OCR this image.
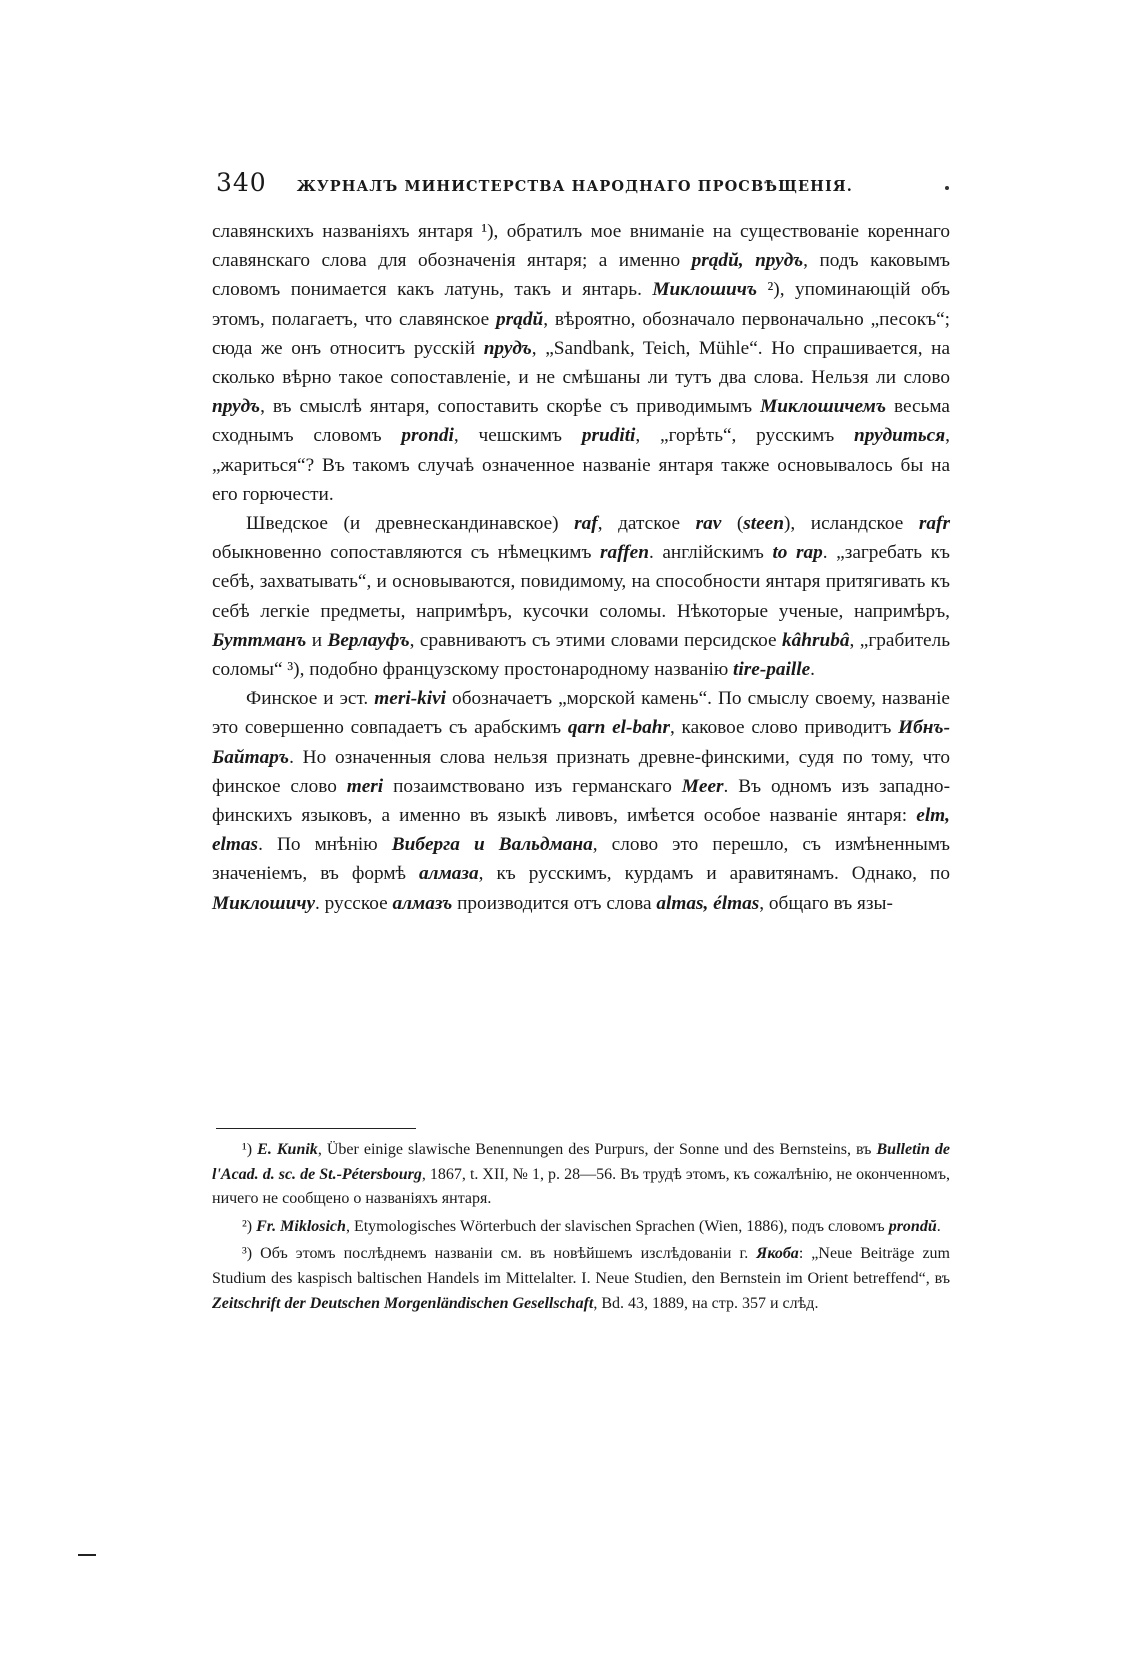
340 ЖУРНАЛЪ МИНИСТЕРСТВА НАРОДНАГО ПРОСВѢЩЕНІЯ.

славянскихъ названіяхъ янтаря ¹), обратилъ мое вниманіе на существованіе кореннаго славянскаго слова для обозначенія янтаря; а именно prądŭ, прудъ, подъ каковымъ словомъ понимается какъ латунь, такъ и янтарь. Миклошичъ ²), упоминающій объ этомъ, полагаетъ, что славянское prądŭ, вѣроятно, обозначало первоначально „песокъ“; сюда же онъ относитъ русскій прудъ, „Sandbank, Teich, Mühle“. Но спрашивается, на сколько вѣрно такое сопоставленіе, и не смѣшаны ли тутъ два слова. Нельзя ли слово прудъ, въ смыслѣ янтаря, сопоставить скорѣе съ приводимымъ Миклошичемъ весьма сходнымъ словомъ prondi, чешскимъ pruditi, „горѣть“, русскимъ прудиться, „жариться“? Въ такомъ случаѣ означенное названіе янтаря также основывалось бы на его горючести.

Шведское (и древнескандинавское) raf, датское rav (steen), исландское rafr обыкновенно сопоставляются съ нѣмецкимъ raffen. англійскимъ to rap. „загребать къ себѣ, захватывать“, и основываются, повидимому, на способности янтаря притягивать къ себѣ легкіе предметы, напримѣръ, кусочки соломы. Нѣкоторые ученые, напримѣръ, Буттманъ и Верлауфъ, сравниваютъ съ этими словами персидское kâhrubâ, „грабитель соломы“ ³), подобно французскому простонародному названію tire-paille.

Финское и эст. meri-kivi обозначаетъ „морской камень“. По смыслу своему, названіе это совершенно совпадаетъ съ арабскимъ qarn el-bahr, каковое слово приводитъ Ибнъ-Байтаръ. Но означенныя слова нельзя признать древне-финскими, судя по тому, что финское слово meri позаимствовано изъ германскаго Meer. Въ одномъ изъ западно-финскихъ языковъ, а именно въ языкѣ ливовъ, имѣется особое названіе янтаря: elm, elmas. По мнѣнію Виберга и Вальдмана, слово это перешло, съ измѣненнымъ значеніемъ, въ формѣ алмаза, къ русскимъ, курдамъ и аравитянамъ. Однако, по Миклошичу. русское алмазъ производится отъ слова almas, élmas, общаго въ язы-

¹) E. Kunik, Über einige slawische Benennungen des Purpurs, der Sonne und des Bernsteins, въ Bulletin de l'Acad. d. sc. de St.-Pétersbourg, 1867, t. XII, № 1, p. 28—56. Въ трудѣ этомъ, къ сожалѣнію, не оконченномъ, ничего не сообщено о названіяхъ янтаря.

²) Fr. Miklosich, Etymologisches Wörterbuch der slavischen Sprachen (Wien, 1886), подъ словомъ prondŭ.

³) Объ этомъ послѣднемъ названіи см. въ новѣйшемъ изслѣдованіи г. Якоба: „Neue Beiträge zum Studium des kaspisch baltischen Handels im Mittelalter. I. Neue Studien, den Bernstein im Orient betreffend“, въ Zeitschrift der Deutschen Morgenländischen Gesellschaft, Bd. 43, 1889, на стр. 357 и слѣд.
